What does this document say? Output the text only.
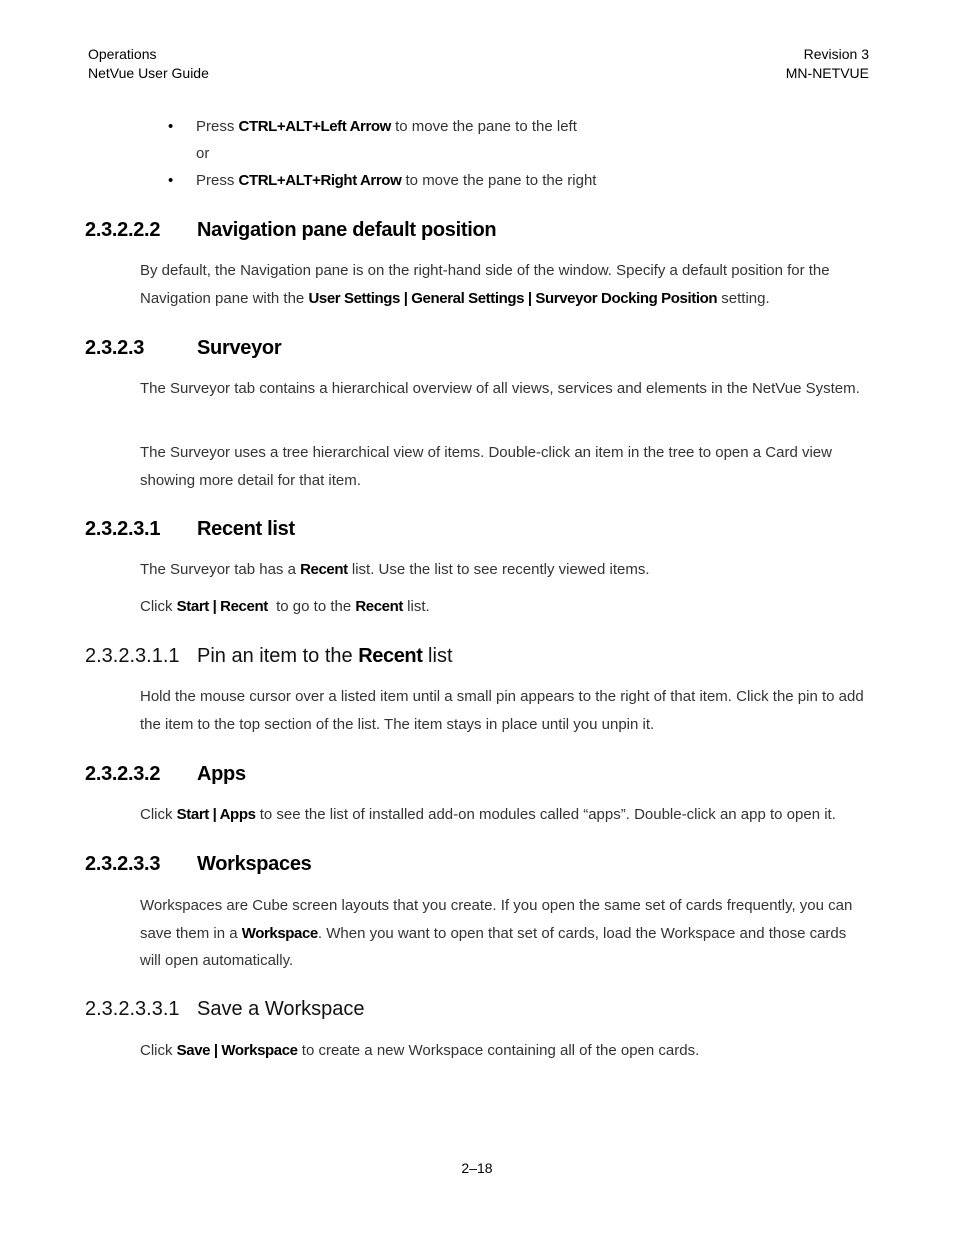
Operations
NetVue User Guide
Revision 3
MN-NETVUE
• Press CTRL+ALT+Left Arrow to move the pane to the left
or
• Press CTRL+ALT+Right Arrow to move the pane to the right
2.3.2.2.2 Navigation pane default position
By default, the Navigation pane is on the right-hand side of the window. Specify a default position for the Navigation pane with the User Settings | General Settings | Surveyor Docking Position setting.
2.3.2.3	Surveyor
The Surveyor tab contains a hierarchical overview of all views, services and elements in the NetVue System.
The Surveyor uses a tree hierarchical view of items. Double-click an item in the tree to open a Card view showing more detail for that item.
2.3.2.3.1 Recent list
The Surveyor tab has a Recent list. Use the list to see recently viewed items.
Click Start | Recent  to go to the Recent list.
2.3.2.3.1.1 Pin an item to the Recent list
Hold the mouse cursor over a listed item until a small pin appears to the right of that item. Click the pin to add the item to the top section of the list. The item stays in place until you unpin it.
2.3.2.3.2 Apps
Click Start | Apps to see the list of installed add-on modules called “apps”. Double-click an app to open it.
2.3.2.3.3 Workspaces
Workspaces are Cube screen layouts that you create. If you open the same set of cards frequently, you can save them in a Workspace. When you want to open that set of cards, load the Workspace and those cards will open automatically.
2.3.2.3.3.1 Save a Workspace
Click Save | Workspace to create a new Workspace containing all of the open cards.
2–18
